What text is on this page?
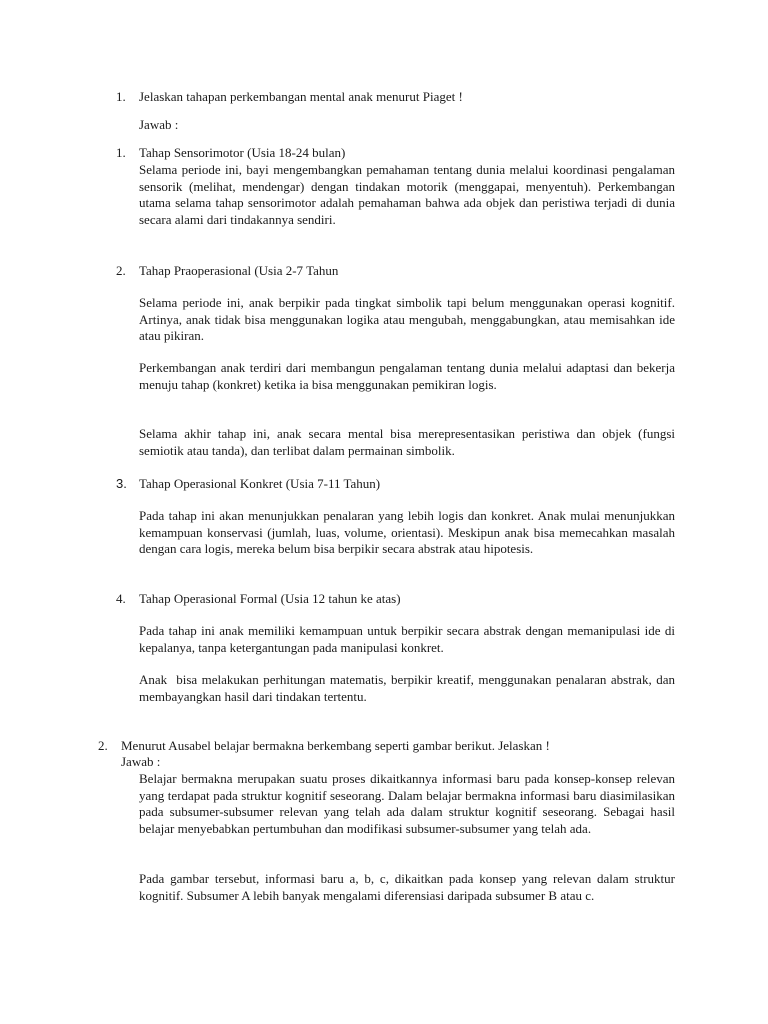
1. Jelaskan tahapan perkembangan mental anak menurut Piaget !
Jawab :
1. Tahap Sensorimotor (Usia 18-24 bulan)
Selama periode ini, bayi mengembangkan pemahaman tentang dunia melalui koordinasi pengalaman sensorik (melihat, mendengar) dengan tindakan motorik (menggapai, menyentuh). Perkembangan utama selama tahap sensorimotor adalah pemahaman bahwa ada objek dan peristiwa terjadi di dunia secara alami dari tindakannya sendiri.
2. Tahap Praoperasional (Usia 2-7 Tahun
Selama periode ini, anak berpikir pada tingkat simbolik tapi belum menggunakan operasi kognitif. Artinya, anak tidak bisa menggunakan logika atau mengubah, menggabungkan, atau memisahkan ide atau pikiran.
Perkembangan anak terdiri dari membangun pengalaman tentang dunia melalui adaptasi dan bekerja menuju tahap (konkret) ketika ia bisa menggunakan pemikiran logis.
Selama akhir tahap ini, anak secara mental bisa merepresentasikan peristiwa dan objek (fungsi semiotik atau tanda), dan terlibat dalam permainan simbolik.
3. Tahap Operasional Konkret (Usia 7-11 Tahun)
Pada tahap ini akan menunjukkan penalaran yang lebih logis dan konkret. Anak mulai menunjukkan kemampuan konservasi (jumlah, luas, volume, orientasi). Meskipun anak bisa memecahkan masalah dengan cara logis, mereka belum bisa berpikir secara abstrak atau hipotesis.
4. Tahap Operasional Formal (Usia 12 tahun ke atas)
Pada tahap ini anak memiliki kemampuan untuk berpikir secara abstrak dengan memanipulasi ide di kepalanya, tanpa ketergantungan pada manipulasi konkret.
Anak  bisa melakukan perhitungan matematis, berpikir kreatif, menggunakan penalaran abstrak, dan membayangkan hasil dari tindakan tertentu.
2. Menurut Ausabel belajar bermakna berkembang seperti gambar berikut. Jelaskan !
Jawab :
Belajar bermakna merupakan suatu proses dikaitkannya informasi baru pada konsep-konsep relevan yang terdapat pada struktur kognitif seseorang. Dalam belajar bermakna informasi baru diasimilasikan pada subsumer-subsumer relevan yang telah ada dalam struktur kognitif seseorang. Sebagai hasil belajar menyebabkan pertumbuhan dan modifikasi subsumer-subsumer yang telah ada.
Pada gambar tersebut, informasi baru a, b, c, dikaitkan pada konsep yang relevan dalam struktur kognitif. Subsumer A lebih banyak mengalami diferensiasi daripada subsumer B atau c.
